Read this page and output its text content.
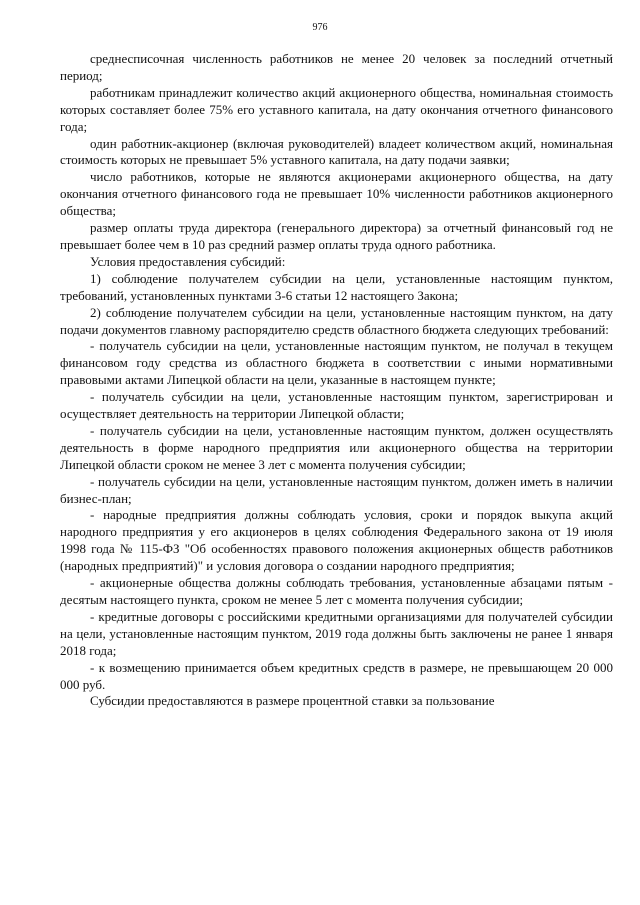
976

среднесписочная численность работников не менее 20 человек за последний отчетный период;

работникам принадлежит количество акций акционерного общества, номинальная стоимость которых составляет более 75% его уставного капитала, на дату окончания отчетного финансового года;

один работник-акционер (включая руководителей) владеет количеством акций, номинальная стоимость которых не превышает 5% уставного капитала, на дату подачи заявки;

число работников, которые не являются акционерами акционерного общества, на дату окончания отчетного финансового года не превышает 10% численности работников акционерного общества;

размер оплаты труда директора (генерального директора) за отчетный финансовый год не превышает более чем в 10 раз средний размер оплаты труда одного работника.

Условия предоставления субсидий:

1) соблюдение получателем субсидии на цели, установленные настоящим пунктом, требований, установленных пунктами 3-6 статьи 12 настоящего Закона;

2) соблюдение получателем субсидии на цели, установленные настоящим пунктом, на дату подачи документов главному распорядителю средств областного бюджета следующих требований:

- получатель субсидии на цели, установленные настоящим пунктом, не получал в текущем финансовом году средства из областного бюджета в соответствии с иными нормативными правовыми актами Липецкой области на цели, указанные в настоящем пункте;

- получатель субсидии на цели, установленные настоящим пунктом, зарегистрирован и осуществляет деятельность на территории Липецкой области;

- получатель субсидии на цели, установленные настоящим пунктом, должен осуществлять деятельность в форме народного предприятия или акционерного общества на территории Липецкой области сроком не менее 3 лет с момента получения субсидии;

- получатель субсидии на цели, установленные настоящим пунктом, должен иметь в наличии бизнес-план;

- народные предприятия должны соблюдать условия, сроки и порядок выкупа акций народного предприятия у его акционеров в целях соблюдения Федерального закона от 19 июля 1998 года № 115-ФЗ "Об особенностях правового положения акционерных обществ работников (народных предприятий)" и условия договора о создании народного предприятия;

- акционерные общества должны соблюдать требования, установленные абзацами пятым - десятым настоящего пункта, сроком не менее 5 лет с момента получения субсидии;

- кредитные договоры с российскими кредитными организациями для получателей субсидии на цели, установленные настоящим пунктом, 2019 года должны быть заключены не ранее 1 января 2018 года;

- к возмещению принимается объем кредитных средств в размере, не превышающем 20 000 000 руб.

Субсидии предоставляются в размере процентной ставки за пользование
